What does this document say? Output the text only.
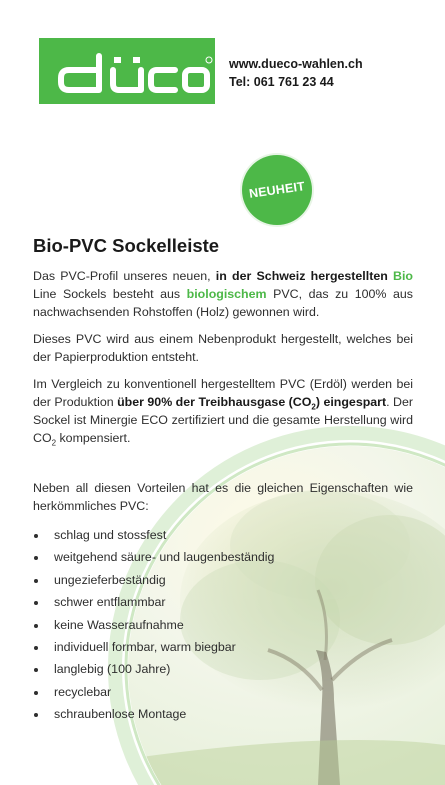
www.dueco-wahlen.ch
Tel: 061 761 23 44
NEUHEIT
Bio-PVC Sockelleiste

Das PVC-Profil unseres neuen, in der Schweiz hergestellten Bio Line Sockels besteht aus biologischem PVC, das zu 100% aus nachwachsenden Rohstoffen (Holz) gewonnen wird.

Dieses PVC wird aus einem Nebenprodukt hergestellt, welches bei der Papierproduktion entsteht.

Im Vergleich zu konventionell hergestelltem PVC (Erdöl) werden bei der Produktion über 90% der Treibhausgase $(CO_2)$ eingespart. Der Sockel ist Minergie ECO zertifiziert und die gesamte Herstellung wird $CO_2$ kompensiert.

Neben all diesen Vorteilen hat es die gleichen Eigenschaften wie herkömmliches PVC:

schlag und stossfest
weitgehend säure- und laugenbeständig
ungezieferbeständig
schwer entflammbar
keine Wasseraufnahme
individuell formbar, warm biegbar
langlebig (100 Jahre)
recyclebar
schraubenlose Montage
